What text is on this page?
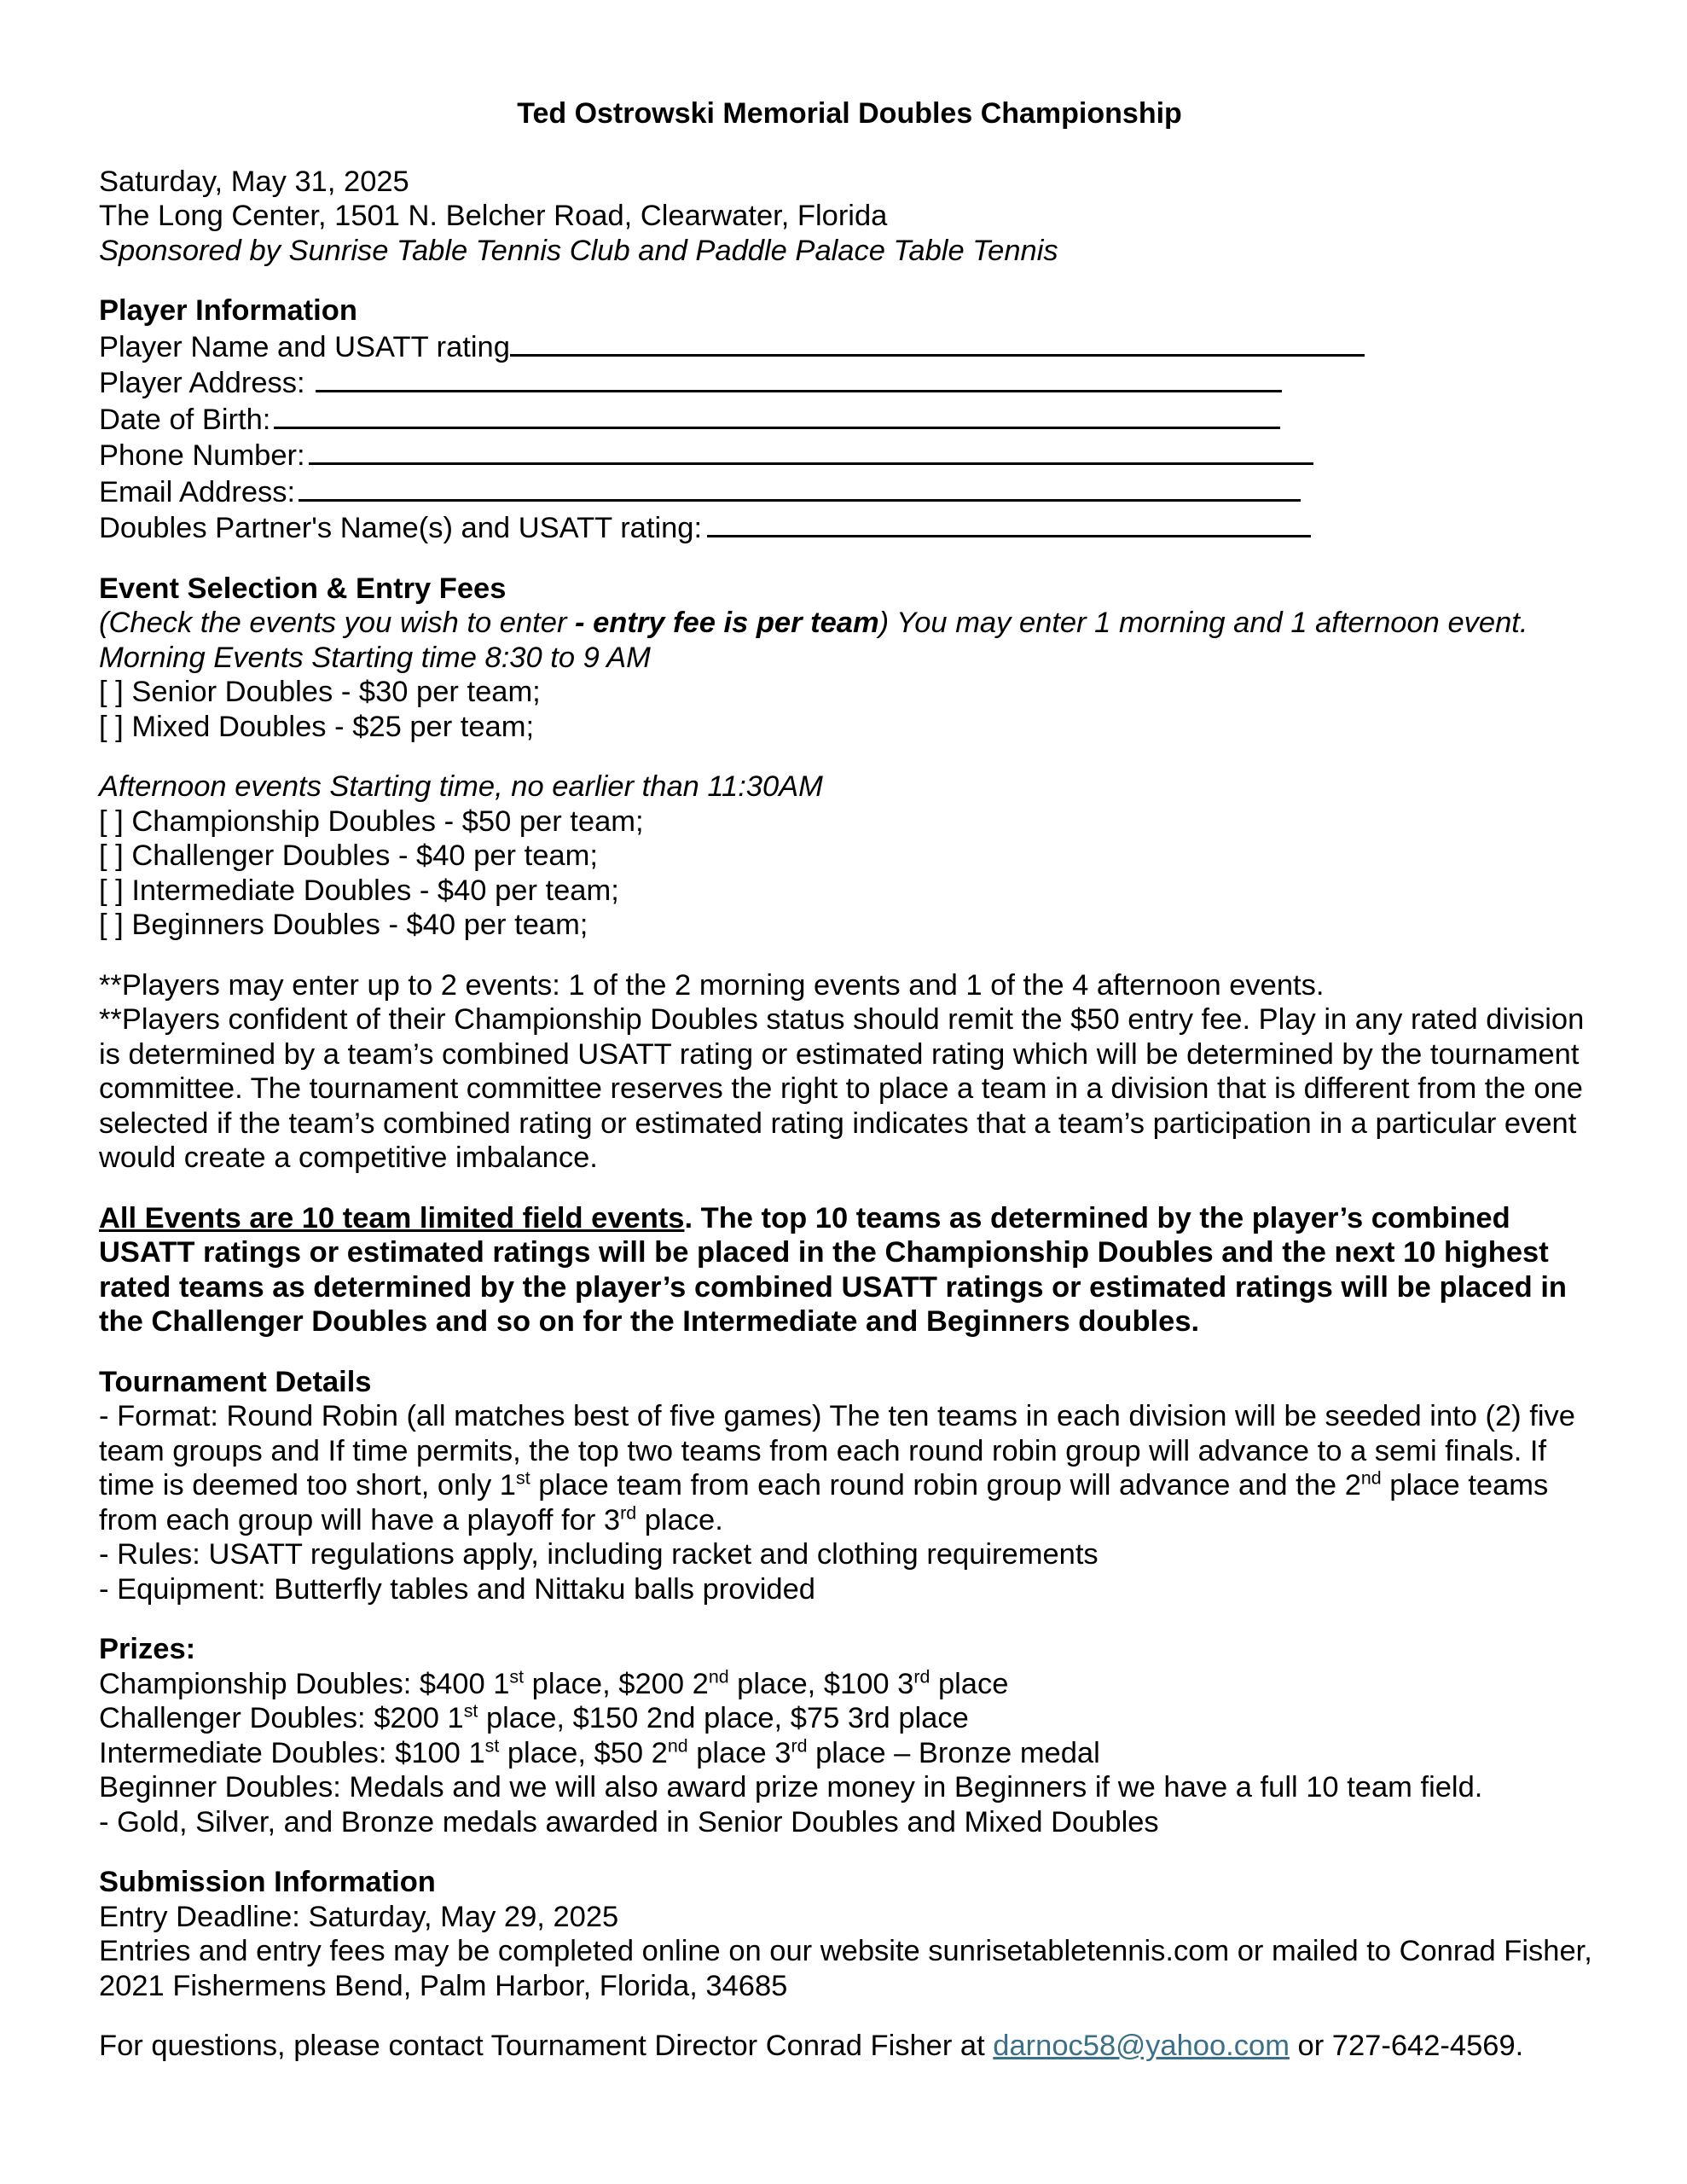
Ted Ostrowski Memorial Doubles Championship

Saturday, May 31, 2025

The Long Center, 1501 N. Belcher Road, Clearwater, Florida

Sponsored by Sunrise Table Tennis Club and Paddle Palace Table Tennis

Player Information

Player Name and USATT rating
Player Address:
Date of Birth:
Phone Number:
Email Address:
Doubles Partner's Name(s) and USATT rating:

Event Selection & Entry Fees

(Check the events you wish to enter - entry fee is per team) You may enter 1 morning and 1 afternoon event.

Morning Events Starting time 8:30 to 9 AM

[ ] Senior Doubles - $30 per team;

[ ] Mixed Doubles - $25 per team;

Afternoon events Starting time, no earlier than 11:30AM

[ ] Championship Doubles - $50 per team;

[ ] Challenger Doubles - $40 per team;

[ ] Intermediate Doubles - $40 per team;

[ ] Beginners Doubles - $40 per team;

**Players may enter up to 2 events: 1 of the 2 morning events and 1 of the 4 afternoon events.

**Players confident of their Championship Doubles status should remit the $50 entry fee. Play in any rated division is determined by a team’s combined USATT rating or estimated rating which will be determined by the tournament committee. The tournament committee reserves the right to place a team in a division that is different from the one selected if the team’s combined rating or estimated rating indicates that a team’s participation in a particular event would create a competitive imbalance.

All Events are 10 team limited field events. The top 10 teams as determined by the player’s combined USATT ratings or estimated ratings will be placed in the Championship Doubles and the next 10 highest rated teams as determined by the player’s combined USATT ratings or estimated ratings will be placed in the Challenger Doubles and so on for the Intermediate and Beginners doubles.

Tournament Details

- Format: Round Robin (all matches best of five games) The ten teams in each division will be seeded into (2) five team groups and If time permits, the top two teams from each round robin group will advance to a semi finals. If time is deemed too short, only 1st place team from each round robin group will advance and the 2nd place teams from each group will have a playoff for 3rd place.

- Rules: USATT regulations apply, including racket and clothing requirements

- Equipment: Butterfly tables and Nittaku balls provided

Prizes:

Championship Doubles: $400 1st place, $200 2nd place, $100 3rd place

Challenger Doubles: $200 1st place, $150 2nd place, $75 3rd place

Intermediate Doubles: $100 1st place, $50 2nd place 3rd place – Bronze medal

Beginner Doubles: Medals and we will also award prize money in Beginners if we have a full 10 team field.

- Gold, Silver, and Bronze medals awarded in Senior Doubles and Mixed Doubles

Submission Information

Entry Deadline: Saturday, May 29, 2025

Entries and entry fees may be completed online on our website sunrisetabletennis.com or mailed to Conrad Fisher, 2021 Fishermens Bend, Palm Harbor, Florida, 34685

For questions, please contact Tournament Director Conrad Fisher at darnoc58@yahoo.com or 727-642-4569.
